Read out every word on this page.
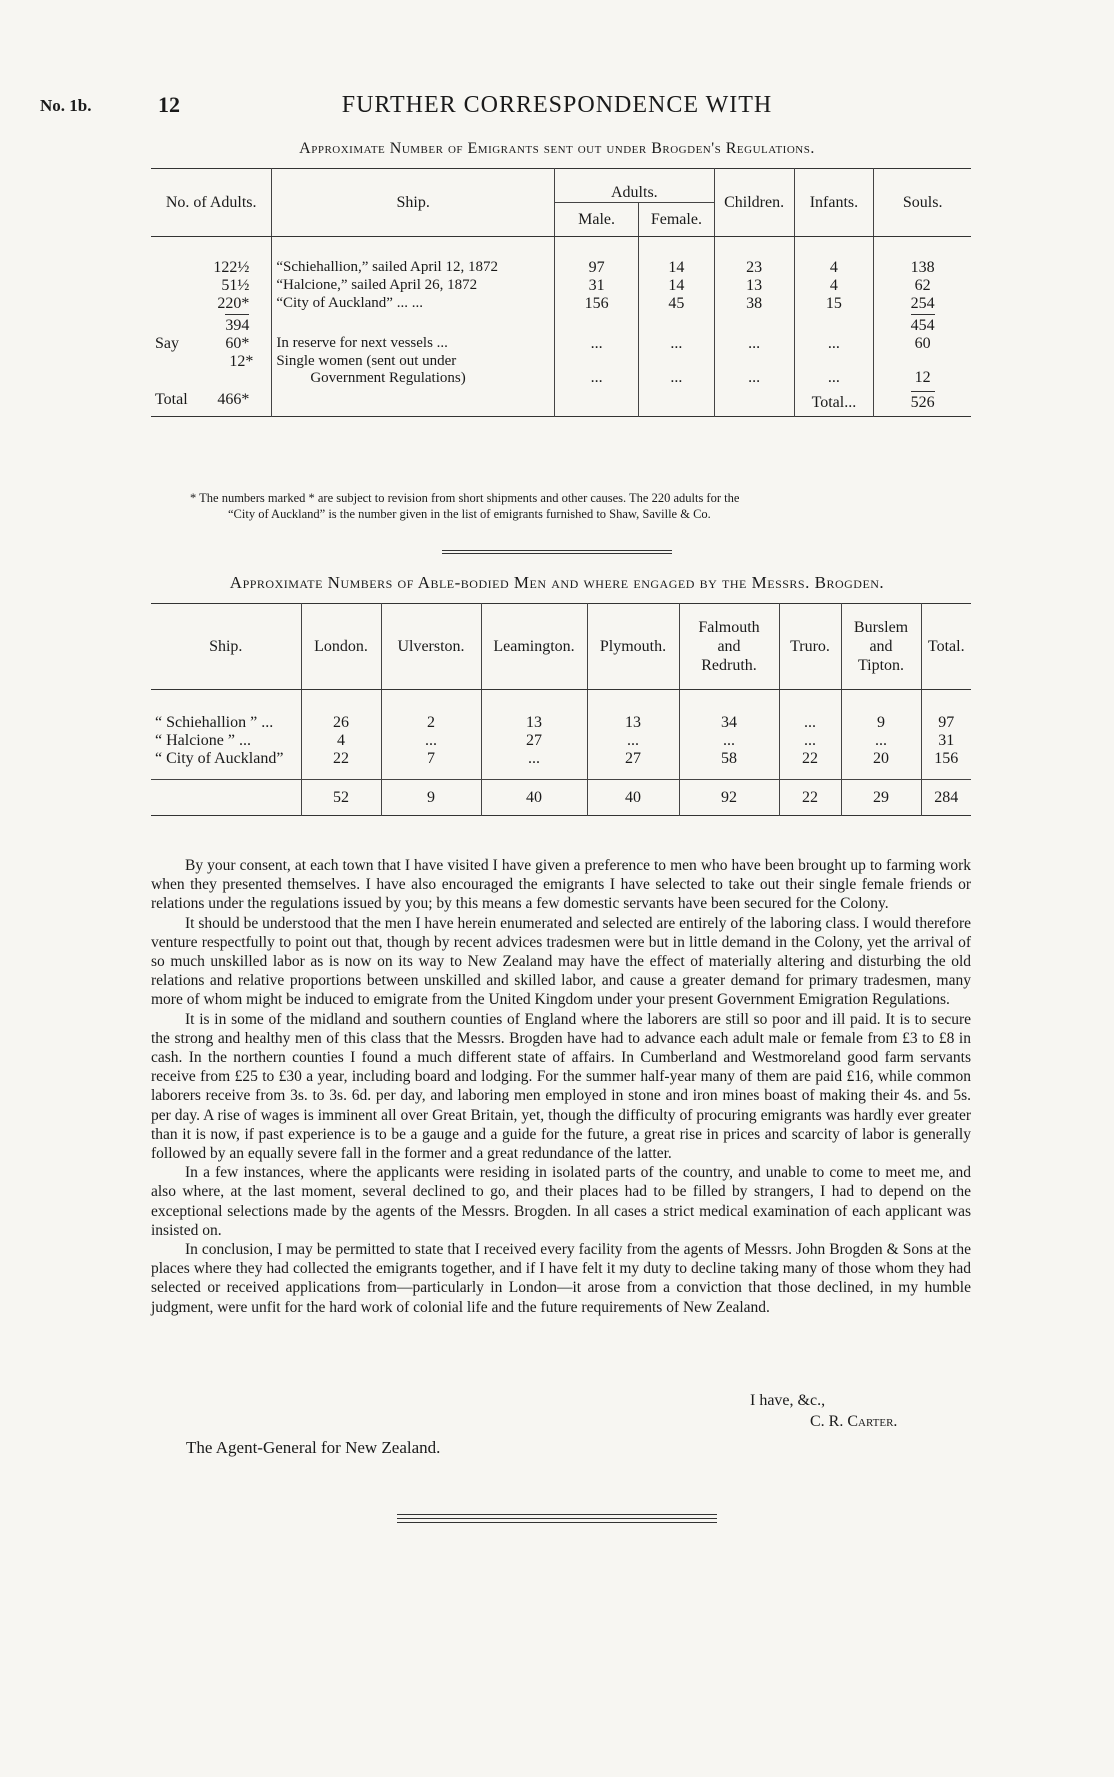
No. 1b.	12	FURTHER CORRESPONDENCE WITH
Approximate Number of Emigrants sent out under Brogden's Regulations.
No. of Adults.	Ship.	Adults.		Children.	Infants.	Souls.
		Male.	Female.			

122½	“Schiehallion,” sailed April 12, 1872	97	14	23	4	138
51½	“Halcione,” sailed April 26, 1872	31	14	13	4	62
220*	“City of Auckland” ... ...	156	45	38	15	254
394						454

Say 60*	In reserve for next vessels ...	...	...	...	...	60
12*	Single women (sent out under
Government Regulations)	...	...	...	...	12

Total 466*					Total...	526
* The numbers marked * are subject to revision from short shipments and other causes. The 220 adults for the
“City of Auckland” is the number given in the list of emigrants furnished to Shaw, Saville & Co.
Approximate Numbers of Able-bodied Men and where engaged by the Messrs. Brogden.
Ship.	London.	Ulverston.	Leamington.	Plymouth.	Falmouth
and
Redruth.	Truro.	Burslem
and
Tipton.	Total.

“ Schiehallion ” ...	26	2	13	13	34	...	9	97
“ Halcione ” ...	4	...	27	...	...	...	...	31
“ City of Auckland”	22	7	...	27	58	22	20	156

	52	9	40	40	92	22	29	284

By your consent, at each town that I have visited I have given a preference to men who have been brought up to farming work when they presented themselves. I have also encouraged the emigrants I have selected to take out their single female friends or relations under the regulations issued by you; by this means a few domestic servants have been secured for the Colony.

It should be understood that the men I have herein enumerated and selected are entirely of the laboring class. I would therefore venture respectfully to point out that, though by recent advices tradesmen were but in little demand in the Colony, yet the arrival of so much unskilled labor as is now on its way to New Zealand may have the effect of materially altering and disturbing the old relations and relative proportions between unskilled and skilled labor, and cause a greater demand for primary tradesmen, many more of whom might be induced to emigrate from the United Kingdom under your present Government Emigration Regulations.

It is in some of the midland and southern counties of England where the laborers are still so poor and ill paid. It is to secure the strong and healthy men of this class that the Messrs. Brogden have had to advance each adult male or female from £3 to £8 in cash. In the northern counties I found a much different state of affairs. In Cumberland and Westmoreland good farm servants receive from £25 to £30 a year, including board and lodging. For the summer half-year many of them are paid £16, while common laborers receive from 3s. to 3s. 6d. per day, and laboring men employed in stone and iron mines boast of making their 4s. and 5s. per day. A rise of wages is imminent all over Great Britain, yet, though the difficulty of procuring emigrants was hardly ever greater than it is now, if past experience is to be a gauge and a guide for the future, a great rise in prices and scarcity of labor is generally followed by an equally severe fall in the former and a great redundance of the latter.

In a few instances, where the applicants were residing in isolated parts of the country, and unable to come to meet me, and also where, at the last moment, several declined to go, and their places had to be filled by strangers, I had to depend on the exceptional selections made by the agents of the Messrs. Brogden. In all cases a strict medical examination of each applicant was insisted on.

In conclusion, I may be permitted to state that I received every facility from the agents of Messrs. John Brogden & Sons at the places where they had collected the emigrants together, and if I have felt it my duty to decline taking many of those whom they had selected or received applications from—particularly in London—it arose from a conviction that those declined, in my humble judgment, were unfit for the hard work of colonial life and the future requirements of New Zealand.

I have, &c.,
C. R. Carter.
The Agent-General for New Zealand.
